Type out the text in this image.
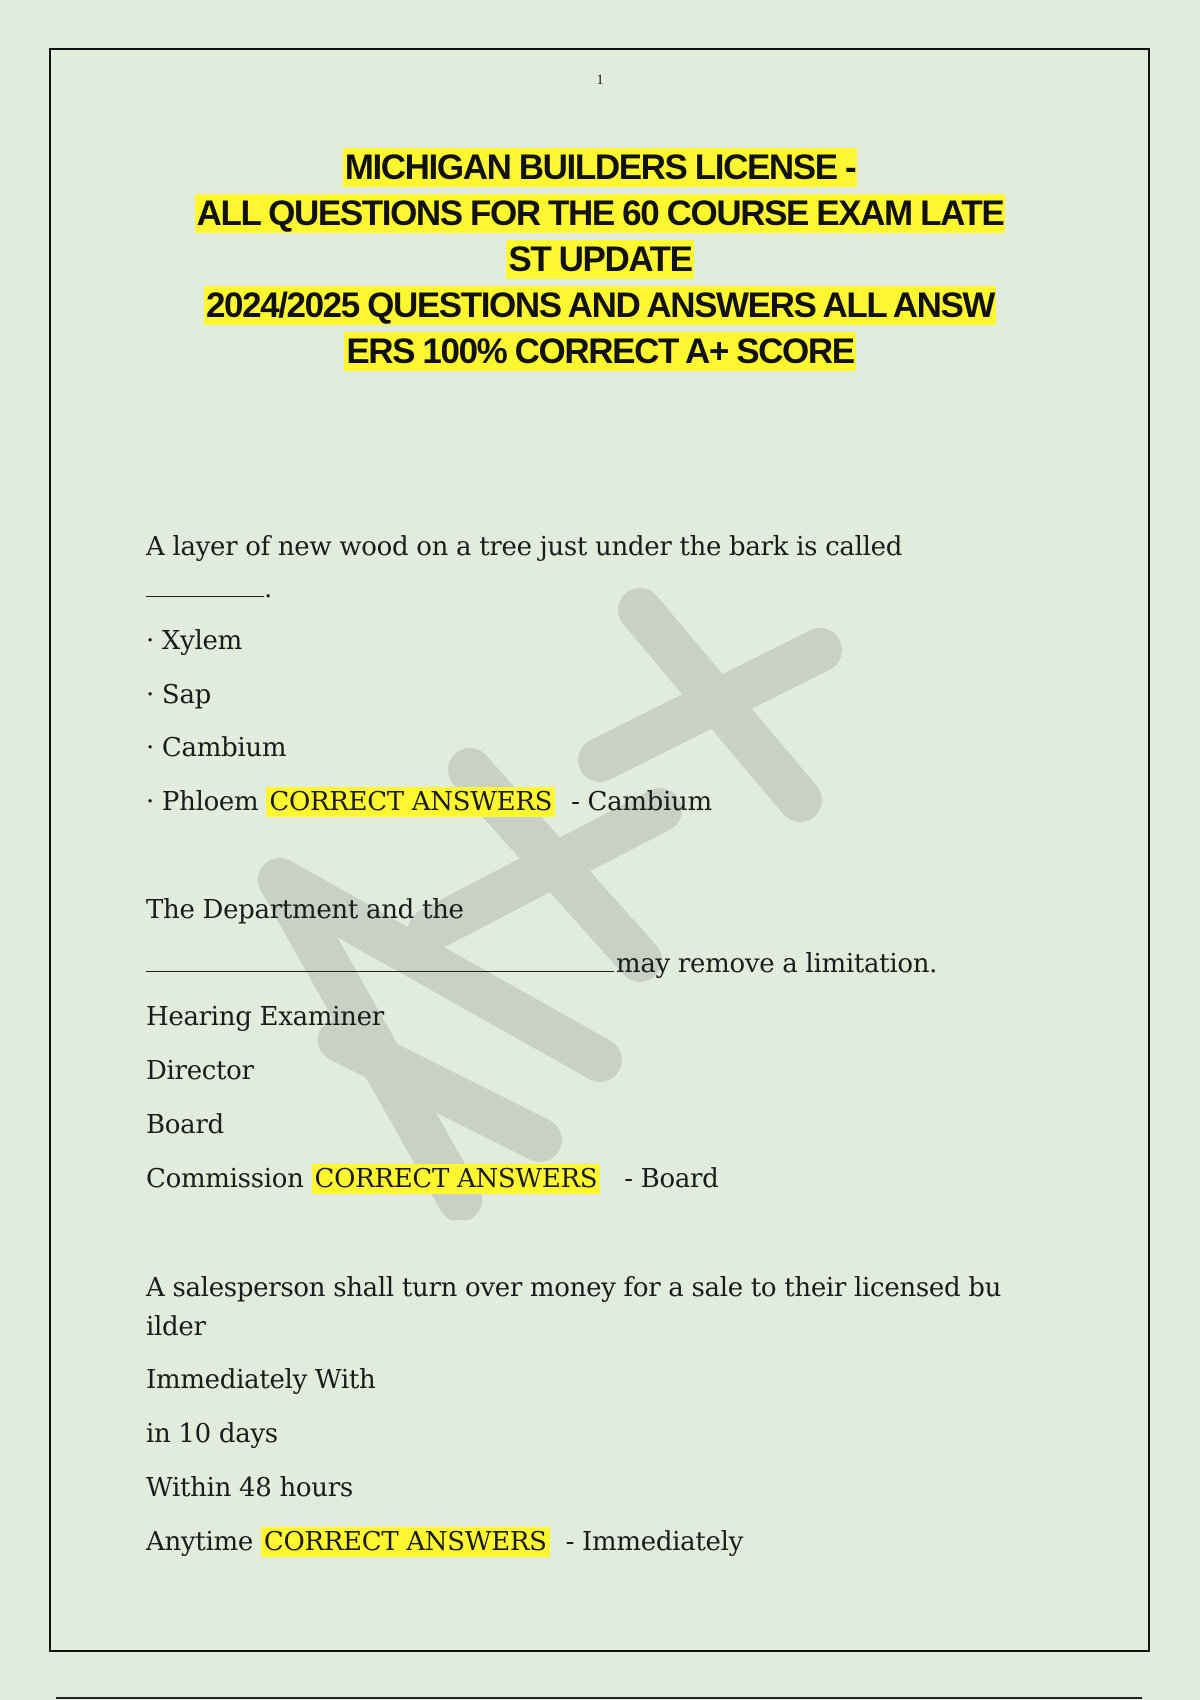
1
MICHIGAN BUILDERS LICENSE -
ALL QUESTIONS FOR THE 60 COURSE EXAM LATE
ST UPDATE
2024/2025 QUESTIONS AND ANSWERS ALL ANSW
ERS 100% CORRECT A+ SCORE
A layer of new wood on a tree just under the bark is called
.
· Xylem
· Sap
· Cambium
· Phloem CORRECT ANSWERS - Cambium
The Department and the
may remove a limitation.
Hearing Examiner
Director
Board
Commission CORRECT ANSWERS - Board
A salesperson shall turn over money for a sale to their licensed bu
ilder
Immediately With
in 10 days
Within 48 hours
Anytime CORRECT ANSWERS - Immediately
